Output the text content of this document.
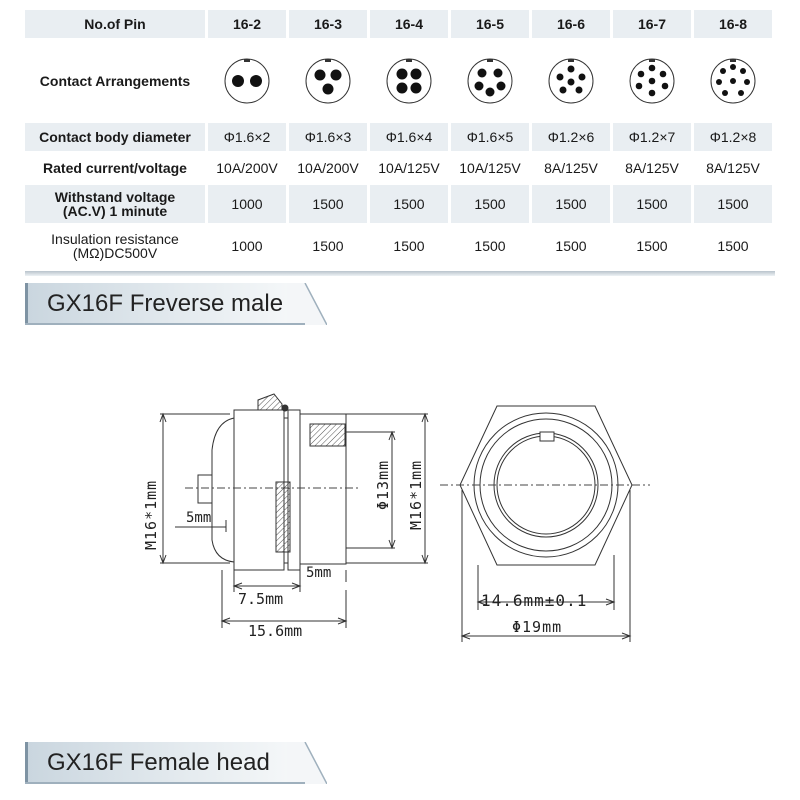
No.of Pin	16-2	16-3	16-4	16-5	16-6	16-7	16-8
Contact Arrangements
Contact body diameter	Φ1.6×2	Φ1.6×3	Φ1.6×4	Φ1.6×5	Φ1.2×6	Φ1.2×7	Φ1.2×8
Rated current/voltage	10A/200V	10A/200V	10A/125V	10A/125V	8A/125V	8A/125V	8A/125V
Withstand voltage
(AC.V) 1 minute	1000	1500	1500	1500	1500	1500	1500
Insulation resistance
(MΩ)DC500V	1000	1500	1500	1500	1500	1500	1500
GX16F Freverse male
M16*1mm 5mm
5mm
7.5mm
15.6mm
Φ13mm M16*1mm
14.6mm±0.1
Φ19mm
GX16F Female head
